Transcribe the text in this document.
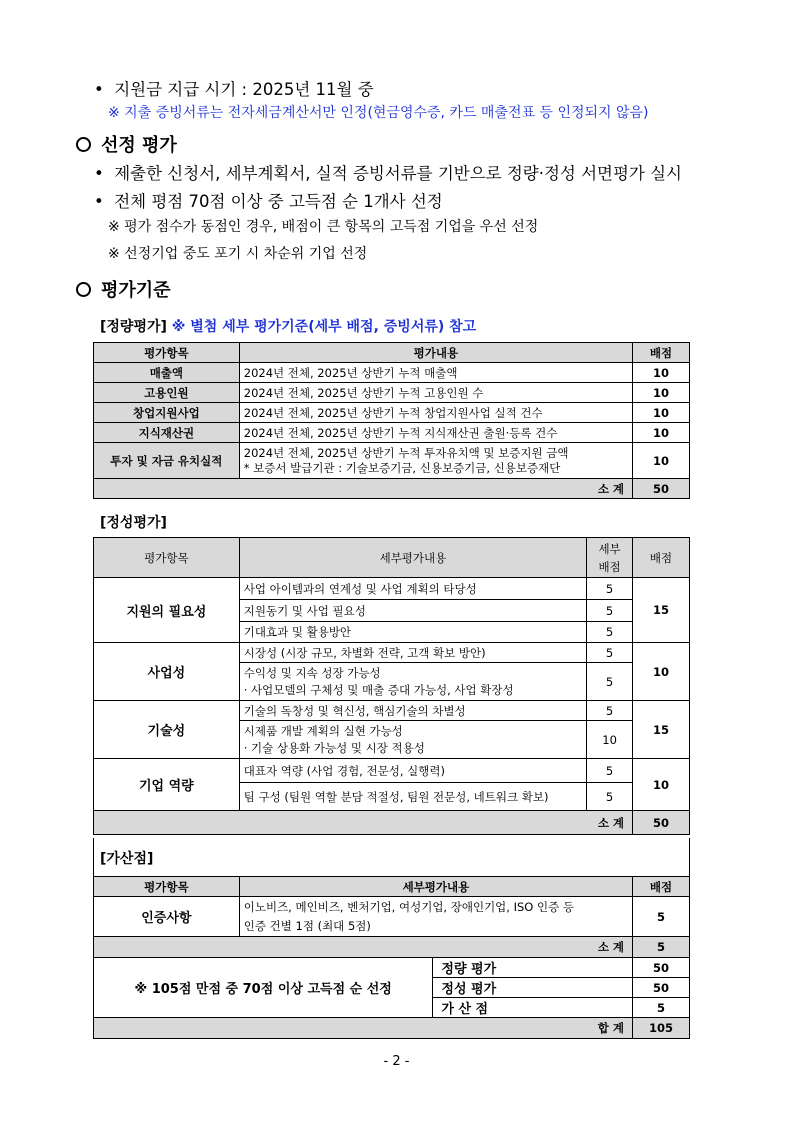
• 지원금 지급 시기 : 2025년 11월 중
※ 지출 증빙서류는 전자세금계산서만 인정(현금영수증, 카드 매출전표 등 인정되지 않음)
선정 평가
• 제출한 신청서, 세부계획서, 실적 증빙서류를 기반으로 정량·정성 서면평가 실시
• 전체 평점 70점 이상 중 고득점 순 1개사 선정
※ 평가 점수가 동점인 경우, 배점이 큰 항목의 고득점 기업을 우선 선정
※ 선정기업 중도 포기 시 차순위 기업 선정
평가기준
[정량평가] ※ 별첨 세부 평가기준(세부 배점, 증빙서류) 참고
평가항목	평가내용	배점
매출액	2024년 전체, 2025년 상반기 누적 매출액	10
고용인원	2024년 전체, 2025년 상반기 누적 고용인원 수	10
창업지원사업	2024년 전체, 2025년 상반기 누적 창업지원사업 실적 건수	10
지식재산권	2024년 전체, 2025년 상반기 누적 지식재산권 출원·등록 건수	10
투자 및 자금 유치실적	2024년 전체, 2025년 상반기 누적 투자유치액 및 보증지원 금액
* 보증서 발급기관 : 기술보증기금, 신용보증기금, 신용보증재단	10
소 계		50
[정성평가]
평가항목	세부평가내용	세부
배점	배점
지원의 필요성	사업 아이템과의 연계성 및 사업 계획의 타당성	5	15
	지원동기 및 사업 필요성	5	
	기대효과 및 활용방안	5	
사업성	시장성 (시장 규모, 차별화 전략, 고객 확보 방안)	5	10

	수익성 및 지속 성장 가능성
· 사업모델의 구체성 및 매출 증대 가능성, 사업 확장성	5	
기술성	기술의 독창성 및 혁신성, 핵심기술의 차별성	5	15

	시제품 개발 계획의 실현 가능성
· 기술 상용화 가능성 및 시장 적용성	10	
기업 역량	대표자 역량 (사업 경험, 전문성, 실행력)	5	10
	팀 구성 (팀원 역할 분담 적절성, 팀원 전문성, 네트워크 확보)	5	
소 계			50
[가산점]
평가항목	세부평가내용	배점
인증사항	이노비즈, 메인비즈, 벤처기업, 여성기업, 장애인기업, ISO 인증 등
인증 건별 1점 (최대 5점)	5
소 계		5
※ 105점 만점 중 70점 이상 고득점 순 선정	정량 평가	50
	정성 평가	50
	가 산 점	5
합 계		105
- 2 -
